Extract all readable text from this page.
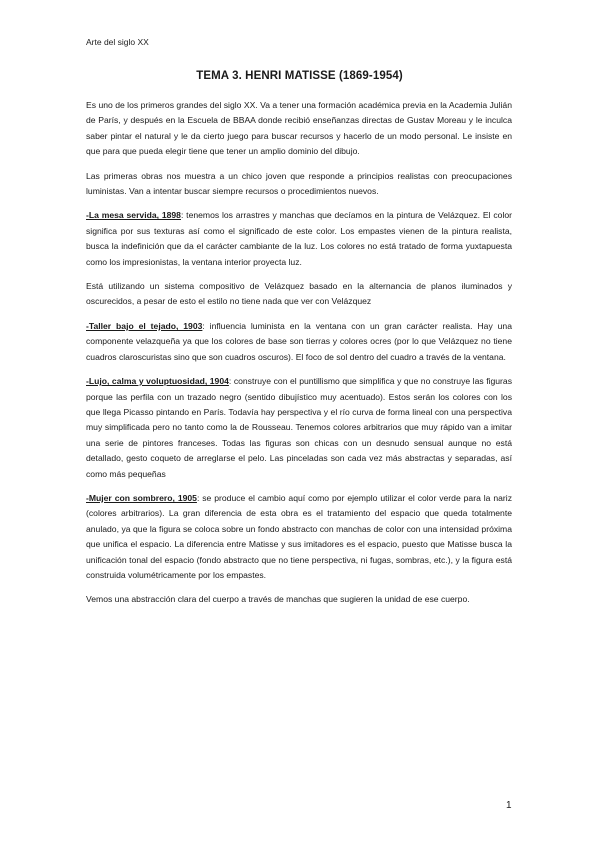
Arte del siglo XX
TEMA 3. HENRI MATISSE (1869-1954)

Es uno de los primeros grandes del siglo XX. Va a tener una formación académica previa en la Academia Julián de París, y después en la Escuela de BBAA donde recibió enseñanzas directas de Gustav Moreau y le inculca saber pintar el natural y le da cierto juego para buscar recursos y hacerlo de un modo personal. Le insiste en que para que pueda elegir tiene que tener un amplio dominio del dibujo.

Las primeras obras nos muestra a un chico joven que responde a principios realistas con preocupaciones luministas. Van a intentar buscar siempre recursos o procedimientos nuevos.

-La mesa servida, 1898: tenemos los arrastres y manchas que decíamos en la pintura de Velázquez. El color significa por sus texturas así como el significado de este color. Los empastes vienen de la pintura realista, busca la indefinición que da el carácter cambiante de la luz. Los colores no está tratado de forma yuxtapuesta como los impresionistas, la ventana interior proyecta luz.

Está utilizando un sistema compositivo de Velázquez basado en la alternancia de planos iluminados y oscurecidos, a pesar de esto el estilo no tiene nada que ver con Velázquez

-Taller bajo el tejado, 1903: influencia luminista en la ventana con un gran carácter realista. Hay una componente velazqueña ya que los colores de base son tierras y colores ocres (por lo que Velázquez no tiene cuadros claroscuristas sino que son cuadros oscuros). El foco de sol dentro del cuadro a través de la ventana.

-Lujo, calma y voluptuosidad, 1904: construye con el puntillismo que simplifica y que no construye las figuras porque las perfila con un trazado negro (sentido dibujístico muy acentuado). Estos serán los colores con los que llega Picasso pintando en París. Todavía hay perspectiva y el río curva de forma lineal con una perspectiva muy simplificada pero no tanto como la de Rousseau. Tenemos colores arbitrarios que muy rápido van a imitar una serie de pintores franceses. Todas las figuras son chicas con un desnudo sensual aunque no está detallado, gesto coqueto de arreglarse el pelo. Las pinceladas son cada vez más abstractas y separadas, así como más pequeñas

-Mujer con sombrero, 1905: se produce el cambio aquí como por ejemplo utilizar el color verde para la nariz (colores arbitrarios). La gran diferencia de esta obra es el tratamiento del espacio que queda totalmente anulado, ya que la figura se coloca sobre un fondo abstracto con manchas de color con una intensidad próxima que unifica el espacio. La diferencia entre Matisse y sus imitadores es el espacio, puesto que Matisse busca la unificación tonal del espacio (fondo abstracto que no tiene perspectiva, ni fugas, sombras, etc.), y la figura está construida volumétricamente por los empastes.

Vemos una abstracción clara del cuerpo a través de manchas que sugieren la unidad de ese cuerpo.

1
